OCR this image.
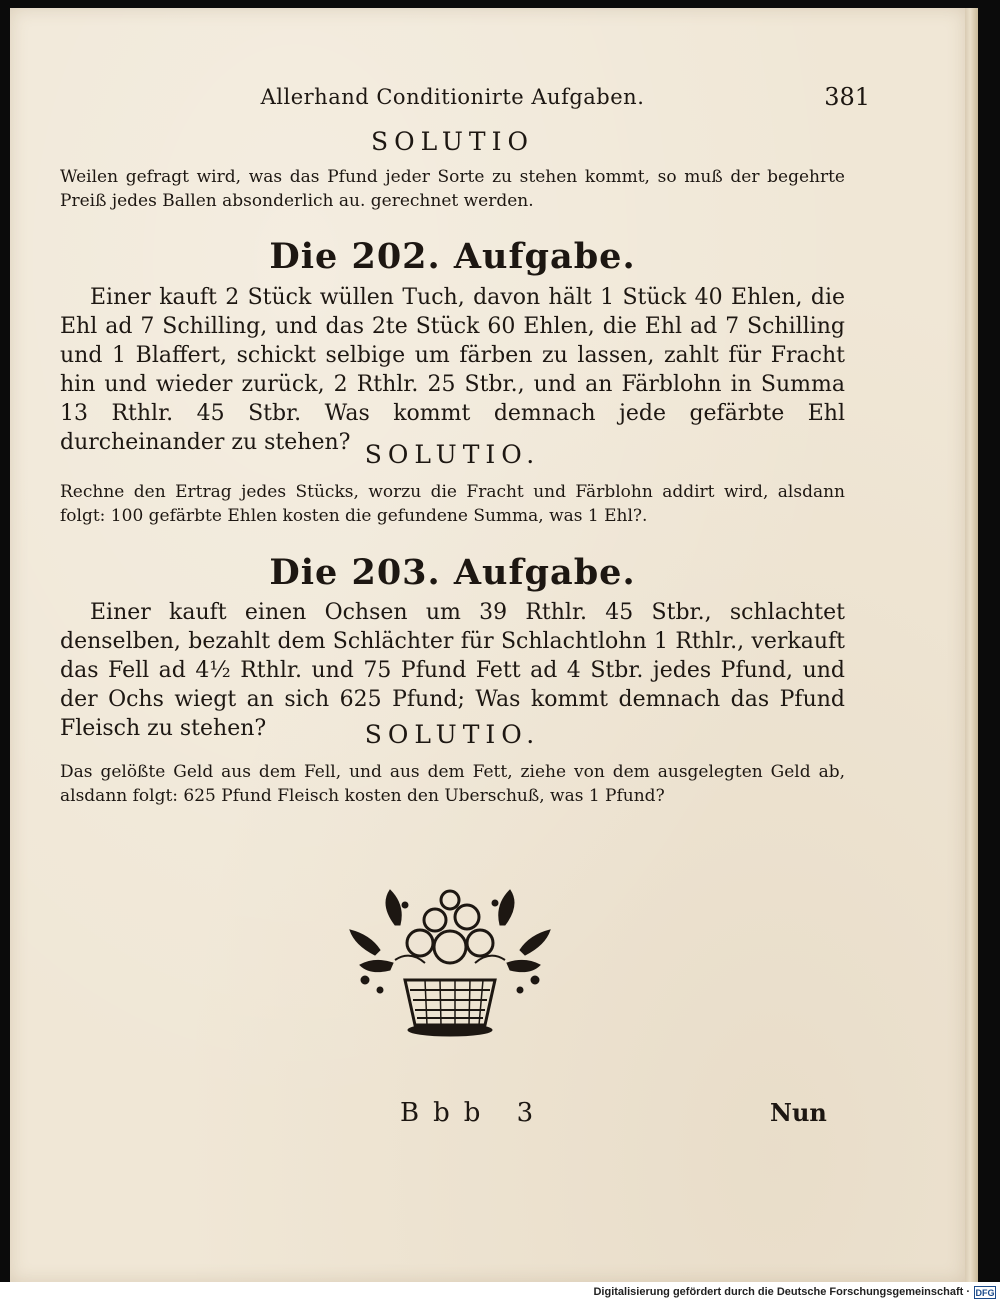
Allerhand Conditionirte Aufgaben.	381
SOLUTIO
Weilen gefragt wird, was das Pfund jeder Sorte zu stehen kommt, so muß der begehrte Preiß jedes Ballen absonderlich au. gerechnet werden.
Die 202. Aufgabe.
Einer kauft 2 Stück wüllen Tuch, davon hält 1 Stück 40 Ehlen, die Ehl ad 7 Schilling, und das 2te Stück 60 Ehlen, die Ehl ad 7 Schilling und 1 Blaffert, schickt selbige um färben zu lassen, zahlt für Fracht hin und wieder zurück, 2 Rthlr. 25 Stbr., und an Färblohn in Summa 13 Rthlr. 45 Stbr. Was kommt demnach jede gefärbte Ehl durcheinander zu stehen? SOLUTIO.
Rechne den Ertrag jedes Stücks, worzu die Fracht und Färblohn addirt wird, alsdann folgt: 100 gefärbte Ehlen kosten die gefundene Summa, was 1 Ehl?.
Die 203. Aufgabe.
Einer kauft einen Ochsen um 39 Rthlr. 45 Stbr., schlachtet denselben, bezahlt dem Schlächter für Schlachtlohn 1 Rthlr., verkauft das Fell ad 4½ Rthlr. und 75 Pfund Fett ad 4 Stbr. jedes Pfund, und der Ochs wiegt an sich 625 Pfund; Was kommt demnach das Pfund Fleisch zu stehen?	SOLUTIO.
Das gelößte Geld aus dem Fell, und aus dem Fett, ziehe von dem ausgelegten Geld ab, alsdann folgt: 625 Pfund Fleisch kosten den Uberschuß, was 1 Pfund?
Bbb 3	Nun
Digitalisierung gefördert durch die Deutsche Forschungsgemeinschaft · DFG
